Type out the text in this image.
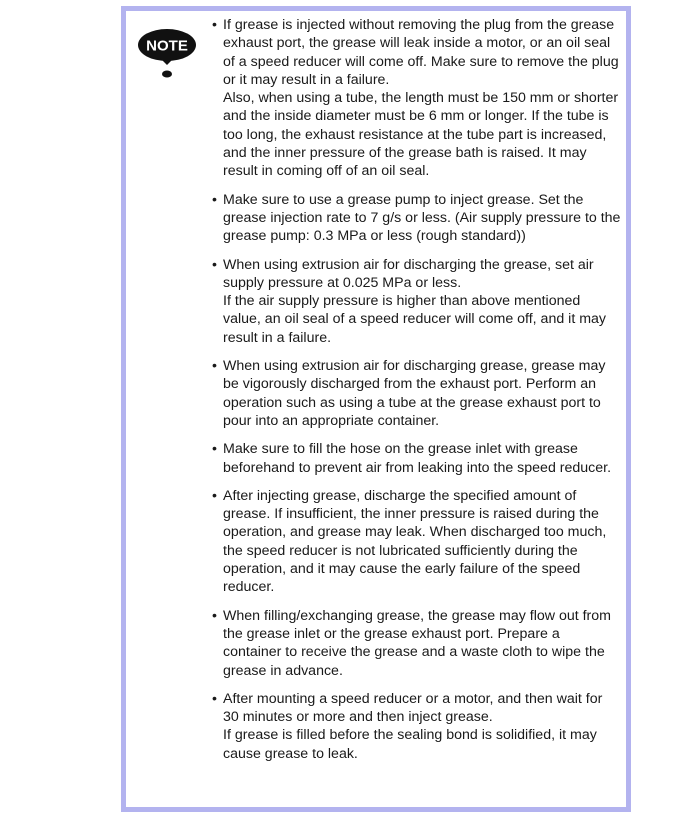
NOTE
• If grease is injected without removing the plug from the grease exhaust port, the grease will leak inside a motor, or an oil seal of a speed reducer will come off. Make sure to remove the plug or it may result in a failure.
Also, when using a tube, the length must be 150 mm or shorter and the inside diameter must be 6 mm or longer. If the tube is too long, the exhaust resistance at the tube part is increased, and the inner pressure of the grease bath is raised. It may result in coming off of an oil seal.
• Make sure to use a grease pump to inject grease. Set the grease injection rate to 7 g/s or less. (Air supply pressure to the grease pump: 0.3 MPa or less (rough standard))
• When using extrusion air for discharging the grease, set air supply pressure at 0.025 MPa or less.
If the air supply pressure is higher than above mentioned value, an oil seal of a speed reducer will come off, and it may result in a failure.
• When using extrusion air for discharging grease, grease may be vigorously discharged from the exhaust port. Perform an operation such as using a tube at the grease exhaust port to pour into an appropriate container.
• Make sure to fill the hose on the grease inlet with grease beforehand to prevent air from leaking into the speed reducer.
• After injecting grease, discharge the specified amount of grease. If insufficient, the inner pressure is raised during the operation, and grease may leak. When discharged too much, the speed reducer is not lubricated sufficiently during the operation, and it may cause the early failure of the speed reducer.
• When filling/exchanging grease, the grease may flow out from the grease inlet or the grease exhaust port. Prepare a container to receive the grease and a waste cloth to wipe the grease in advance.
• After mounting a speed reducer or a motor, and then wait for 30 minutes or more and then inject grease.
If grease is filled before the sealing bond is solidified, it may cause grease to leak.
